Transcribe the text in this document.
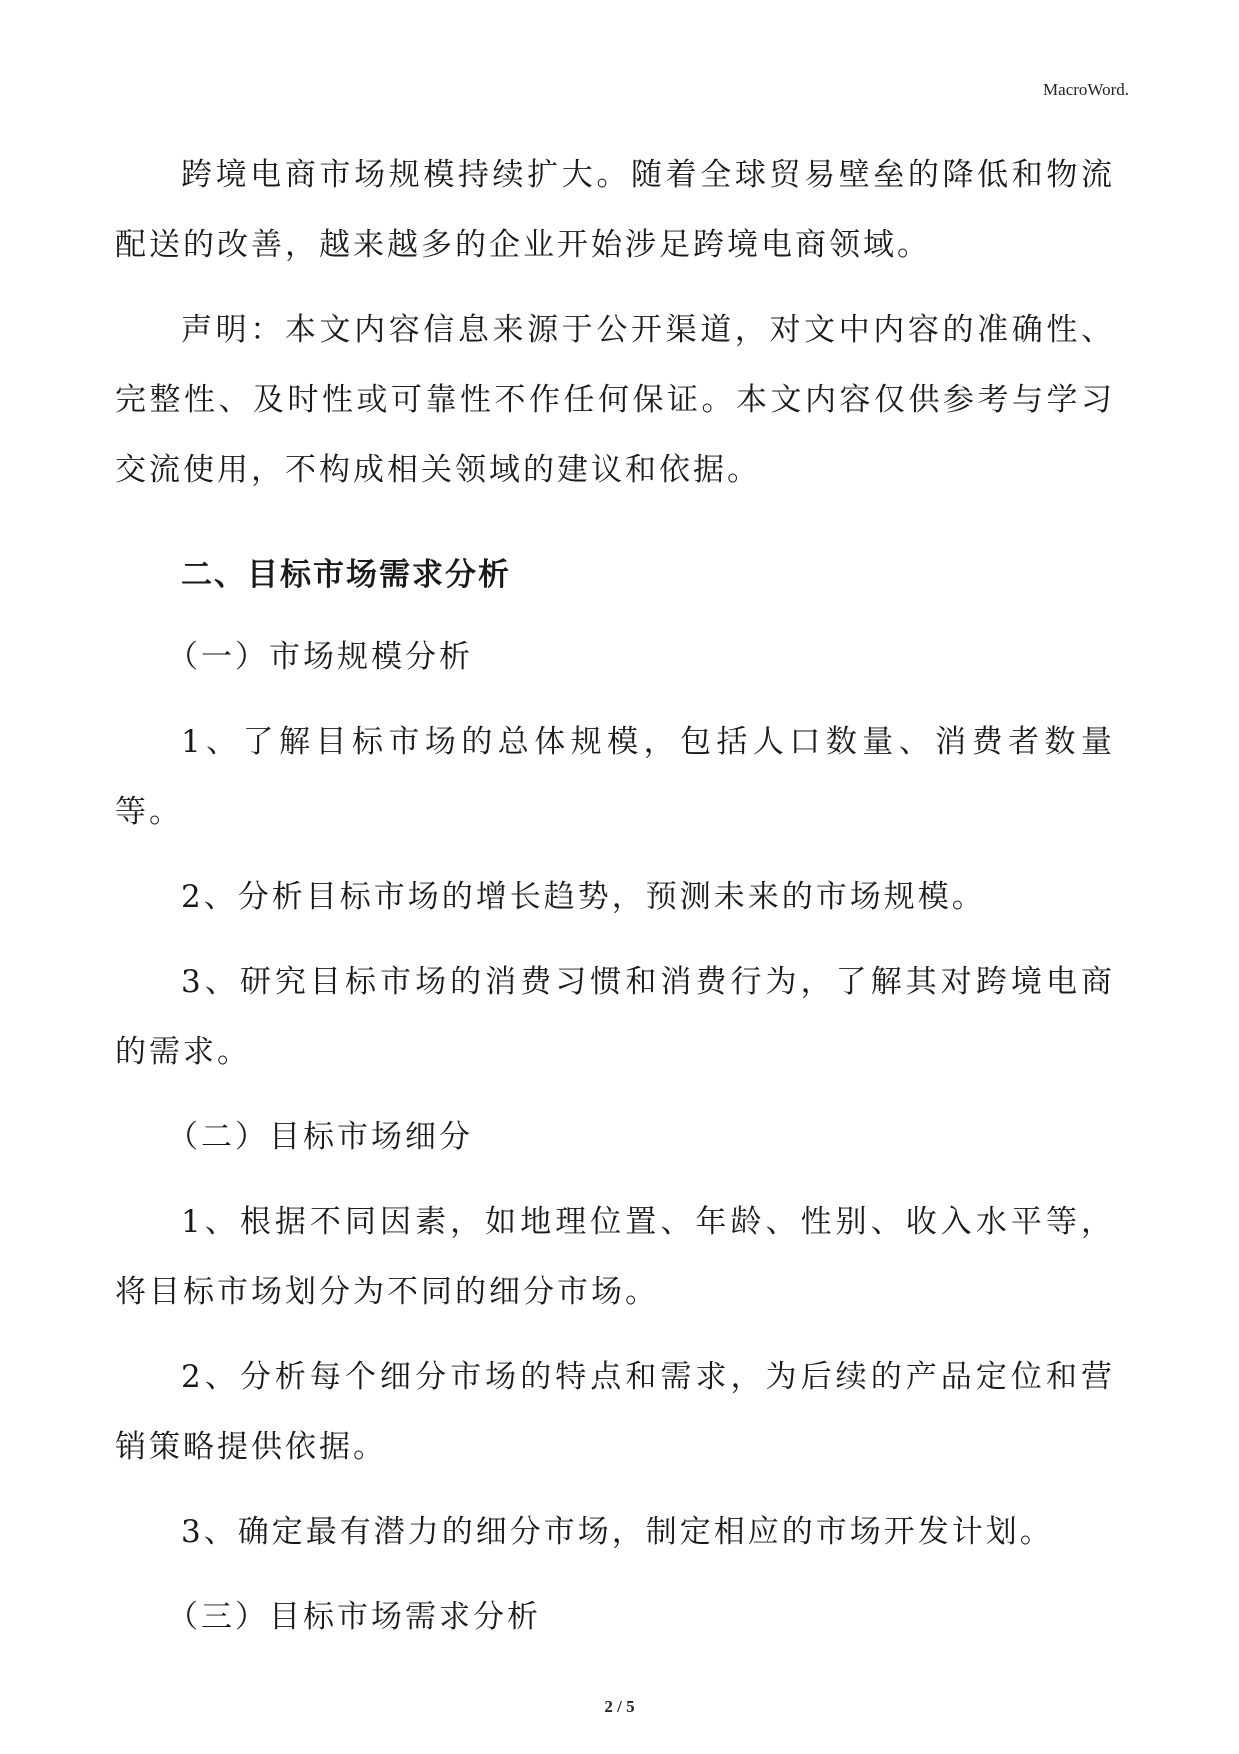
MacroWord.

跨境电商市场规模持续扩大。随着全球贸易壁垒的降低和物流配送的改善，越来越多的企业开始涉足跨境电商领域。

声明：本文内容信息来源于公开渠道，对文中内容的准确性、完整性、及时性或可靠性不作任何保证。本文内容仅供参考与学习交流使用，不构成相关领域的建议和依据。

二、目标市场需求分析

（一）市场规模分析

1、了解目标市场的总体规模，包括人口数量、消费者数量等。

2、分析目标市场的增长趋势，预测未来的市场规模。

3、研究目标市场的消费习惯和消费行为，了解其对跨境电商的需求。

（二）目标市场细分

1、根据不同因素，如地理位置、年龄、性别、收入水平等，将目标市场划分为不同的细分市场。

2、分析每个细分市场的特点和需求，为后续的产品定位和营销策略提供依据。

3、确定最有潜力的细分市场，制定相应的市场开发计划。

（三）目标市场需求分析

2 / 5
